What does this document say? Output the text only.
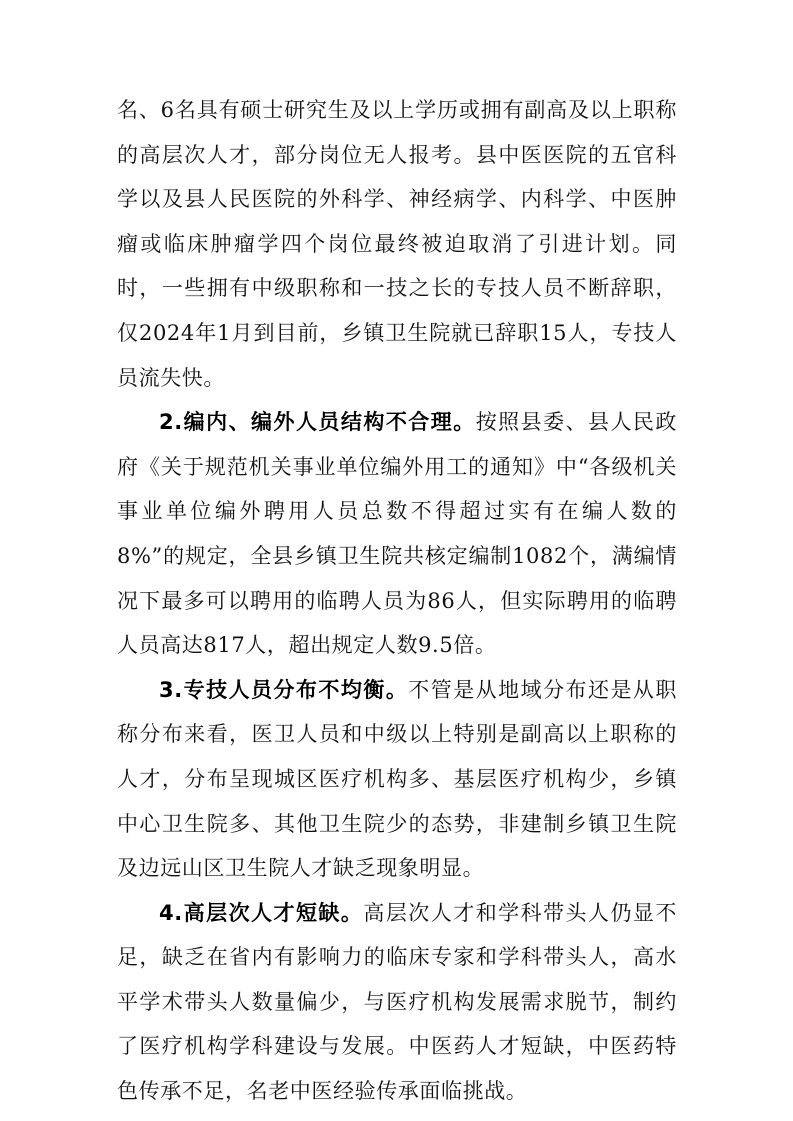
名、6名具有硕士研究生及以上学历或拥有副高及以上职称的高层次人才，部分岗位无人报考。县中医医院的五官科学以及县人民医院的外科学、神经病学、内科学、中医肿瘤或临床肿瘤学四个岗位最终被迫取消了引进计划。同时，一些拥有中级职称和一技之长的专技人员不断辞职，仅2024年1月到目前，乡镇卫生院就已辞职15人，专技人员流失快。

2.编内、编外人员结构不合理。按照县委、县人民政府《关于规范机关事业单位编外用工的通知》中“各级机关事业单位编外聘用人员总数不得超过实有在编人数的8%”的规定，全县乡镇卫生院共核定编制1082个，满编情况下最多可以聘用的临聘人员为86人，但实际聘用的临聘人员高达817人，超出规定人数9.5倍。

3.专技人员分布不均衡。不管是从地域分布还是从职称分布来看，医卫人员和中级以上特别是副高以上职称的人才，分布呈现城区医疗机构多、基层医疗机构少，乡镇中心卫生院多、其他卫生院少的态势，非建制乡镇卫生院及边远山区卫生院人才缺乏现象明显。

4.高层次人才短缺。高层次人才和学科带头人仍显不足，缺乏在省内有影响力的临床专家和学科带头人，高水平学术带头人数量偏少，与医疗机构发展需求脱节，制约了医疗机构学科建设与发展。中医药人才短缺，中医药特色传承不足，名老中医经验传承面临挑战。
